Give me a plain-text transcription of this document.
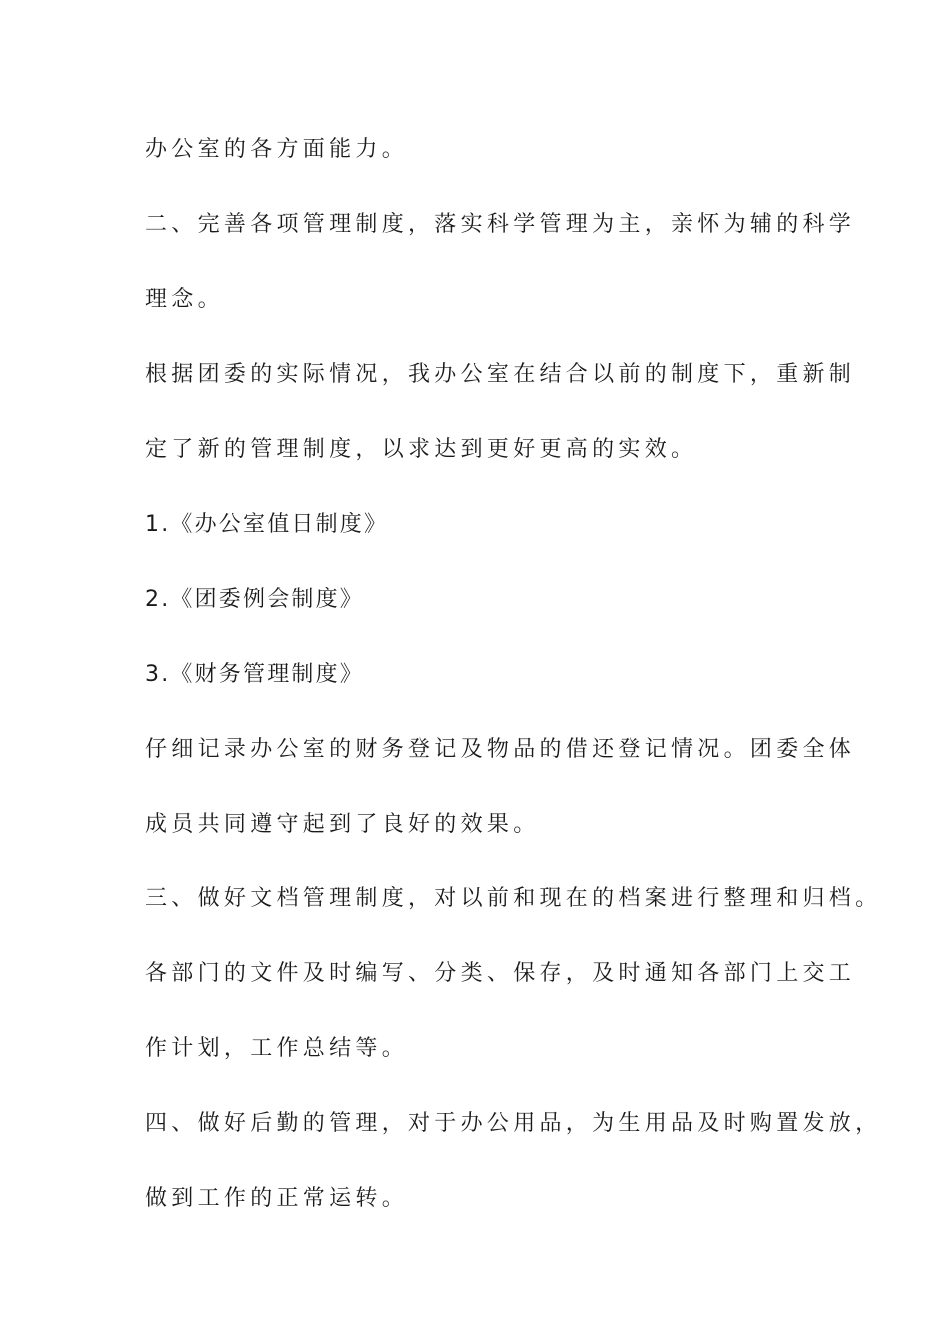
办公室的各方面能力。

二、完善各项管理制度，落实科学管理为主，亲怀为辅的科学

理念。

根据团委的实际情况，我办公室在结合以前的制度下，重新制

定了新的管理制度，以求达到更好更高的实效。

1.《办公室值日制度》

2.《团委例会制度》

3.《财务管理制度》

仔细记录办公室的财务登记及物品的借还登记情况。团委全体

成员共同遵守起到了良好的效果。

三、做好文档管理制度，对以前和现在的档案进行整理和归档。

各部门的文件及时编写、分类、保存，及时通知各部门上交工

作计划，工作总结等。

四、做好后勤的管理，对于办公用品，为生用品及时购置发放，

做到工作的正常运转。
